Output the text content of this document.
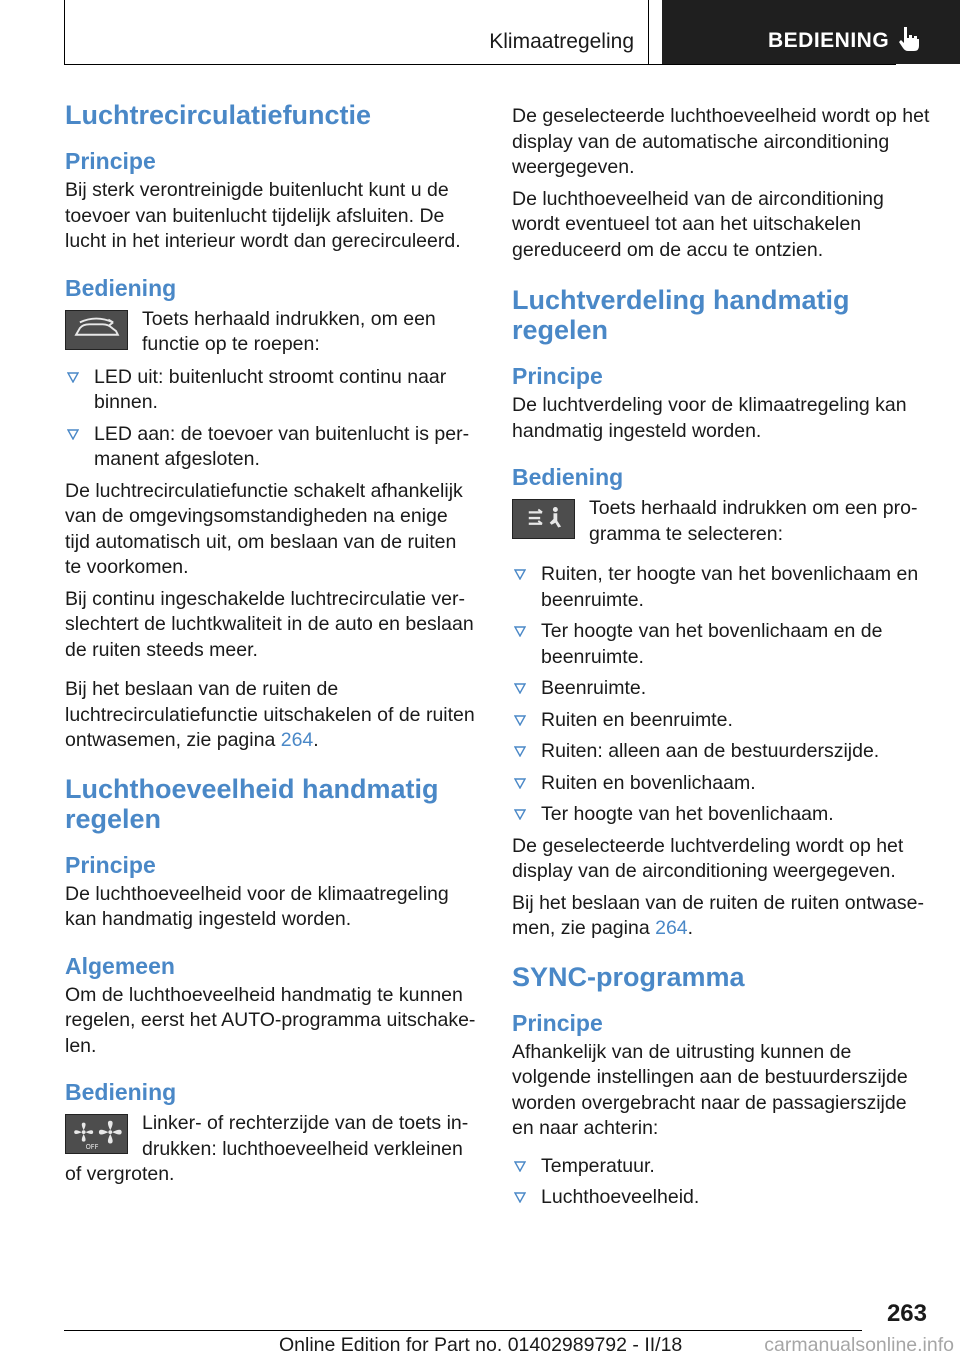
Klimaatregeling	BEDIENING
Luchtrecirculatiefunctie
Principe

Bij sterk verontreinigde buitenlucht kunt u de toevoer van buitenlucht tijdelijk afsluiten. De lucht in het interieur wordt dan gerecirculeerd.

Bediening

Toets herhaald indrukken, om een functie op te roepen:

LED uit: buitenlucht stroomt continu naar binnen.
LED aan: de toevoer van buitenlucht is permanent afgesloten.

De luchtrecirculatiefunctie schakelt afhankelijk van de omgevingsomstandigheden na enige tijd automatisch uit, om beslaan van de ruiten te voorkomen.

Bij continu ingeschakelde luchtrecirculatie verslechtert de luchtkwaliteit in de auto en beslaan de ruiten steeds meer.

Bij het beslaan van de ruiten de luchtrecirculatiefunctie uitschakelen of de ruiten ontwasemen, zie pagina 264.

Luchthoeveelheid handmatig regelen
Principe

De luchthoeveelheid voor de klimaatregeling kan handmatig ingesteld worden.

Algemeen

Om de luchthoeveelheid handmatig te kunnen regelen, eerst het AUTO-programma uitschakelen.

Bediening
OFF

Linker- of rechterzijde van de toets indrukken: luchthoeveelheid verkleinen of vergroten.

De geselecteerde luchthoeveelheid wordt op het display van de automatische airconditioning weergegeven.

De luchthoeveelheid van de airconditioning wordt eventueel tot aan het uitschakelen gereduceerd om de accu te ontzien.

Luchtverdeling handmatig regelen
Principe

De luchtverdeling voor de klimaatregeling kan handmatig ingesteld worden.

Bediening

Toets herhaald indrukken om een programma te selecteren:

Ruiten, ter hoogte van het bovenlichaam en beenruimte.
Ter hoogte van het bovenlichaam en de beenruimte.
Beenruimte.
Ruiten en beenruimte.
Ruiten: alleen aan de bestuurderszijde.
Ruiten en bovenlichaam.
Ter hoogte van het bovenlichaam.

De geselecteerde luchtverdeling wordt op het display van de airconditioning weergegeven.

Bij het beslaan van de ruiten de ruiten ontwasemen, zie pagina 264.

SYNC-programma
Principe

Afhankelijk van de uitrusting kunnen de volgende instellingen aan de bestuurderszijde worden overgebracht naar de passagierszijde en naar achterin:

Temperatuur.
Luchthoeveelheid.
263
Online Edition for Part no. 01402989792 - II/18	carmanualsonline.info
